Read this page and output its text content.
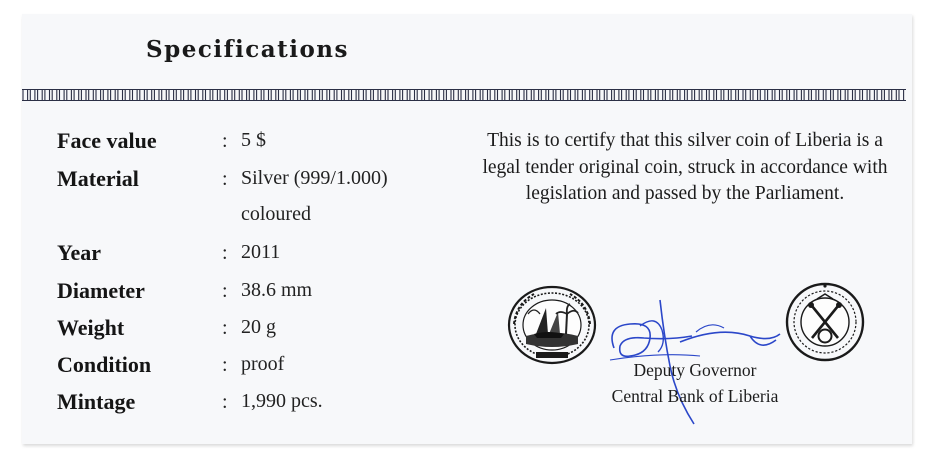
Specifications
Face value	: 5 $
Material	: Silver (999/1.000)
coloured
Year	: 2011
Diameter	: 38.6 mm
Weight	: 20 g
Condition	: proof
Mintage	: 1,990 pcs.

This is to certify that this silver coin of Liberia is a legal tender original coin, struck in accordance with legislation and passed by the Parliament.

Deputy Governor
Central Bank of Liberia
